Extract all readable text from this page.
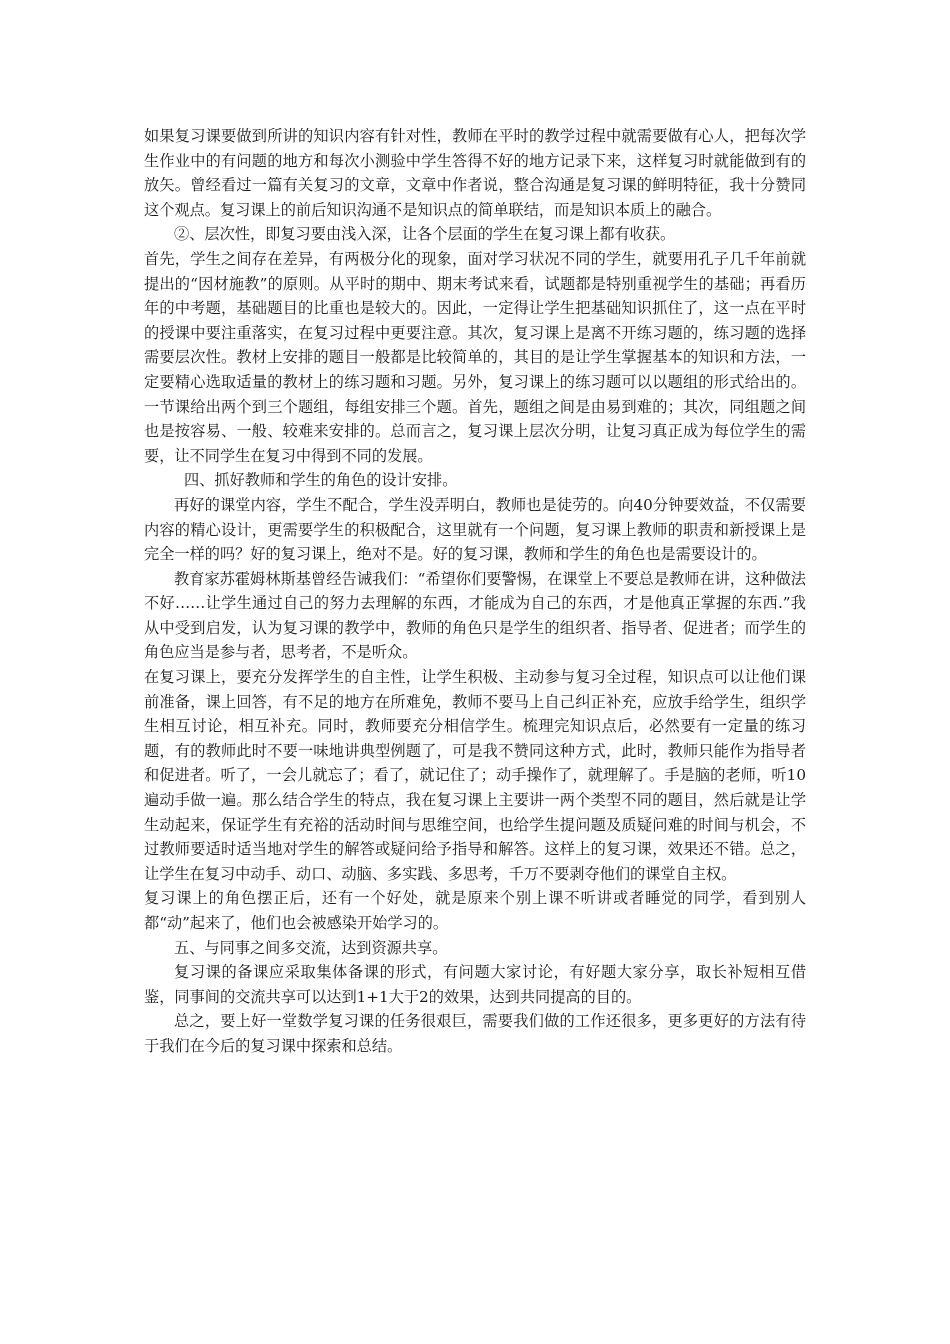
如果复习课要做到所讲的知识内容有针对性，教师在平时的教学过程中就需要做有心人，把每次学生作业中的有问题的地方和每次小测验中学生答得不好的地方记录下来，这样复习时就能做到有的放矢。曾经看过一篇有关复习的文章，文章中作者说，整合沟通是复习课的鲜明特征，我十分赞同这个观点。复习课上的前后知识沟通不是知识点的简单联结，而是知识本质上的融合。

②、层次性，即复习要由浅入深，让各个层面的学生在复习课上都有收获。

首先，学生之间存在差异，有两极分化的现象，面对学习状况不同的学生，就要用孔子几千年前就提出的“因材施教”的原则。从平时的期中、期末考试来看，试题都是特别重视学生的基础；再看历年的中考题，基础题目的比重也是较大的。因此，一定得让学生把基础知识抓住了，这一点在平时的授课中要注重落实，在复习过程中更要注意。其次，复习课上是离不开练习题的，练习题的选择需要层次性。教材上安排的题目一般都是比较简单的，其目的是让学生掌握基本的知识和方法，一定要精心选取适量的教材上的练习题和习题。另外，复习课上的练习题可以以题组的形式给出的。一节课给出两个到三个题组，每组安排三个题。首先，题组之间是由易到难的；其次，同组题之间也是按容易、一般、较难来安排的。总而言之，复习课上层次分明，让复习真正成为每位学生的需要，让不同学生在复习中得到不同的发展。

四、抓好教师和学生的角色的设计安排。

再好的课堂内容，学生不配合，学生没弄明白，教师也是徒劳的。向40分钟要效益，不仅需要内容的精心设计，更需要学生的积极配合，这里就有一个问题，复习课上教师的职责和新授课上是完全一样的吗？好的复习课上，绝对不是。好的复习课，教师和学生的角色也是需要设计的。

教育家苏霍姆林斯基曾经告诫我们：“希望你们要警惕，在课堂上不要总是教师在讲，这种做法不好……让学生通过自己的努力去理解的东西，才能成为自己的东西，才是他真正掌握的东西.”我从中受到启发，认为复习课的教学中，教师的角色只是学生的组织者、指导者、促进者；而学生的角色应当是参与者，思考者，不是听众。

在复习课上，要充分发挥学生的自主性，让学生积极、主动参与复习全过程，知识点可以让他们课前准备，课上回答，有不足的地方在所难免，教师不要马上自己纠正补充，应放手给学生，组织学生相互讨论，相互补充。同时，教师要充分相信学生。梳理完知识点后，必然要有一定量的练习题，有的教师此时不要一味地讲典型例题了，可是我不赞同这种方式，此时，教师只能作为指导者和促进者。听了，一会儿就忘了；看了，就记住了；动手操作了，就理解了。手是脑的老师，听10遍动手做一遍。那么结合学生的特点，我在复习课上主要讲一两个类型不同的题目，然后就是让学生动起来，保证学生有充裕的活动时间与思维空间，也给学生提问题及质疑问难的时间与机会，不过教师要适时适当地对学生的解答或疑问给予指导和解答。这样上的复习课，效果还不错。总之，让学生在复习中动手、动口、动脑、多实践、多思考，千万不要剥夺他们的课堂自主权。

复习课上的角色摆正后，还有一个好处，就是原来个别上课不听讲或者睡觉的同学，看到别人都“动”起来了，他们也会被感染开始学习的。

五、与同事之间多交流，达到资源共享。

复习课的备课应采取集体备课的形式，有问题大家讨论，有好题大家分享，取长补短相互借鉴，同事间的交流共享可以达到1+1大于2的效果，达到共同提高的目的。

总之，要上好一堂数学复习课的任务很艰巨，需要我们做的工作还很多，更多更好的方法有待于我们在今后的复习课中探索和总结。
